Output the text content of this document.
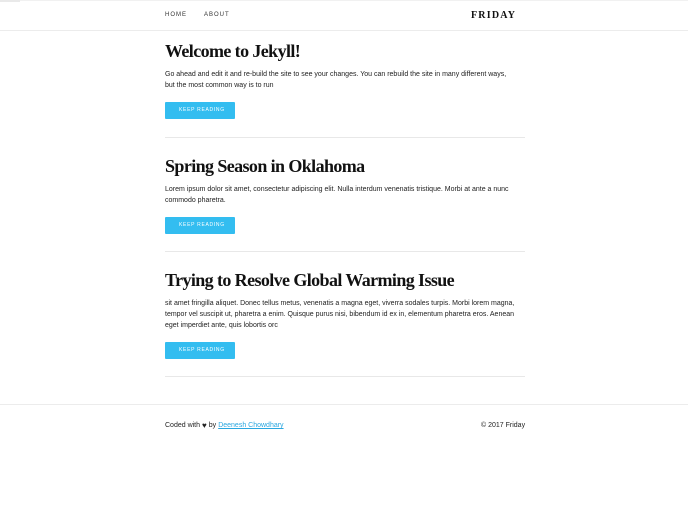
HOME	ABOUT	FRIDAY
Welcome to Jekyll!

Go ahead and edit it and re-build the site to see your changes. You can rebuild the site in many different ways, but the most common way is to run

KEEP READING
Spring Season in Oklahoma

Lorem ipsum dolor sit amet, consectetur adipiscing elit. Nulla interdum venenatis tristique. Morbi at ante a nunc commodo pharetra.

KEEP READING
Trying to Resolve Global Warming Issue

sit amet fringilla aliquet. Donec tellus metus, venenatis a magna eget, viverra sodales turpis. Morbi lorem magna, tempor vel suscipit ut, pharetra a enim. Quisque purus nisi, bibendum id ex in, elementum pharetra eros. Aenean eget imperdiet ante, quis lobortis orc

KEEP READING
Coded with ♥ by Deenesh Chowdhary	© 2017 Friday
